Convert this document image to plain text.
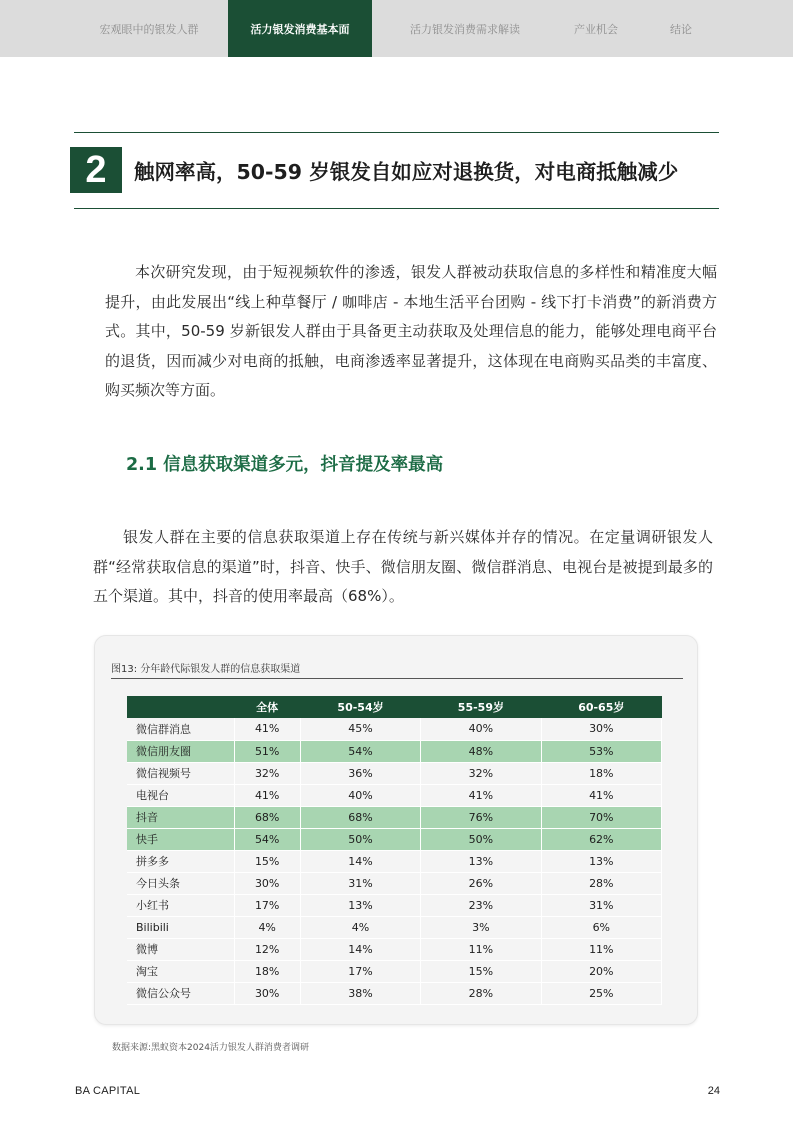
宏观眼中的银发人群	活力银发消费基本面	活力银发消费需求解读	产业机会	结论
2	触网率高，50-59 岁银发自如应对退换货，对电商抵触减少

本次研究发现，由于短视频软件的渗透，银发人群被动获取信息的多样性和精准度大幅提升，由此发展出“线上种草餐厅 / 咖啡店 - 本地生活平台团购 - 线下打卡消费”的新消费方式。其中，50-59 岁新银发人群由于具备更主动获取及处理信息的能力，能够处理电商平台的退货，因而减少对电商的抵触，电商渗透率显著提升，这体现在电商购买品类的丰富度、购买频次等方面。

2.1 信息获取渠道多元，抖音提及率最高

银发人群在主要的信息获取渠道上存在传统与新兴媒体并存的情况。在定量调研银发人群“经常获取信息的渠道”时，抖音、快手、微信朋友圈、微信群消息、电视台是被提到最多的五个渠道。其中，抖音的使用率最高（68%）。

图13: 分年龄代际银发人群的信息获取渠道
	全体	50-54岁	55-59岁	60-65岁
微信群消息	41%	45%	40%	30%
微信朋友圈	51%	54%	48%	53%
微信视频号	32%	36%	32%	18%
电视台	41%	40%	41%	41%
抖音	68%	68%	76%	70%
快手	54%	50%	50%	62%
拼多多	15%	14%	13%	13%
今日头条	30%	31%	26%	28%
小红书	17%	13%	23%	31%
Bilibili	4%	4%	3%	6%
微博	12%	14%	11%	11%
淘宝	18%	17%	15%	20%
微信公众号	30%	38%	28%	25%
数据来源:黑蚁资本2024活力银发人群消费者调研
BA CAPITAL	24
